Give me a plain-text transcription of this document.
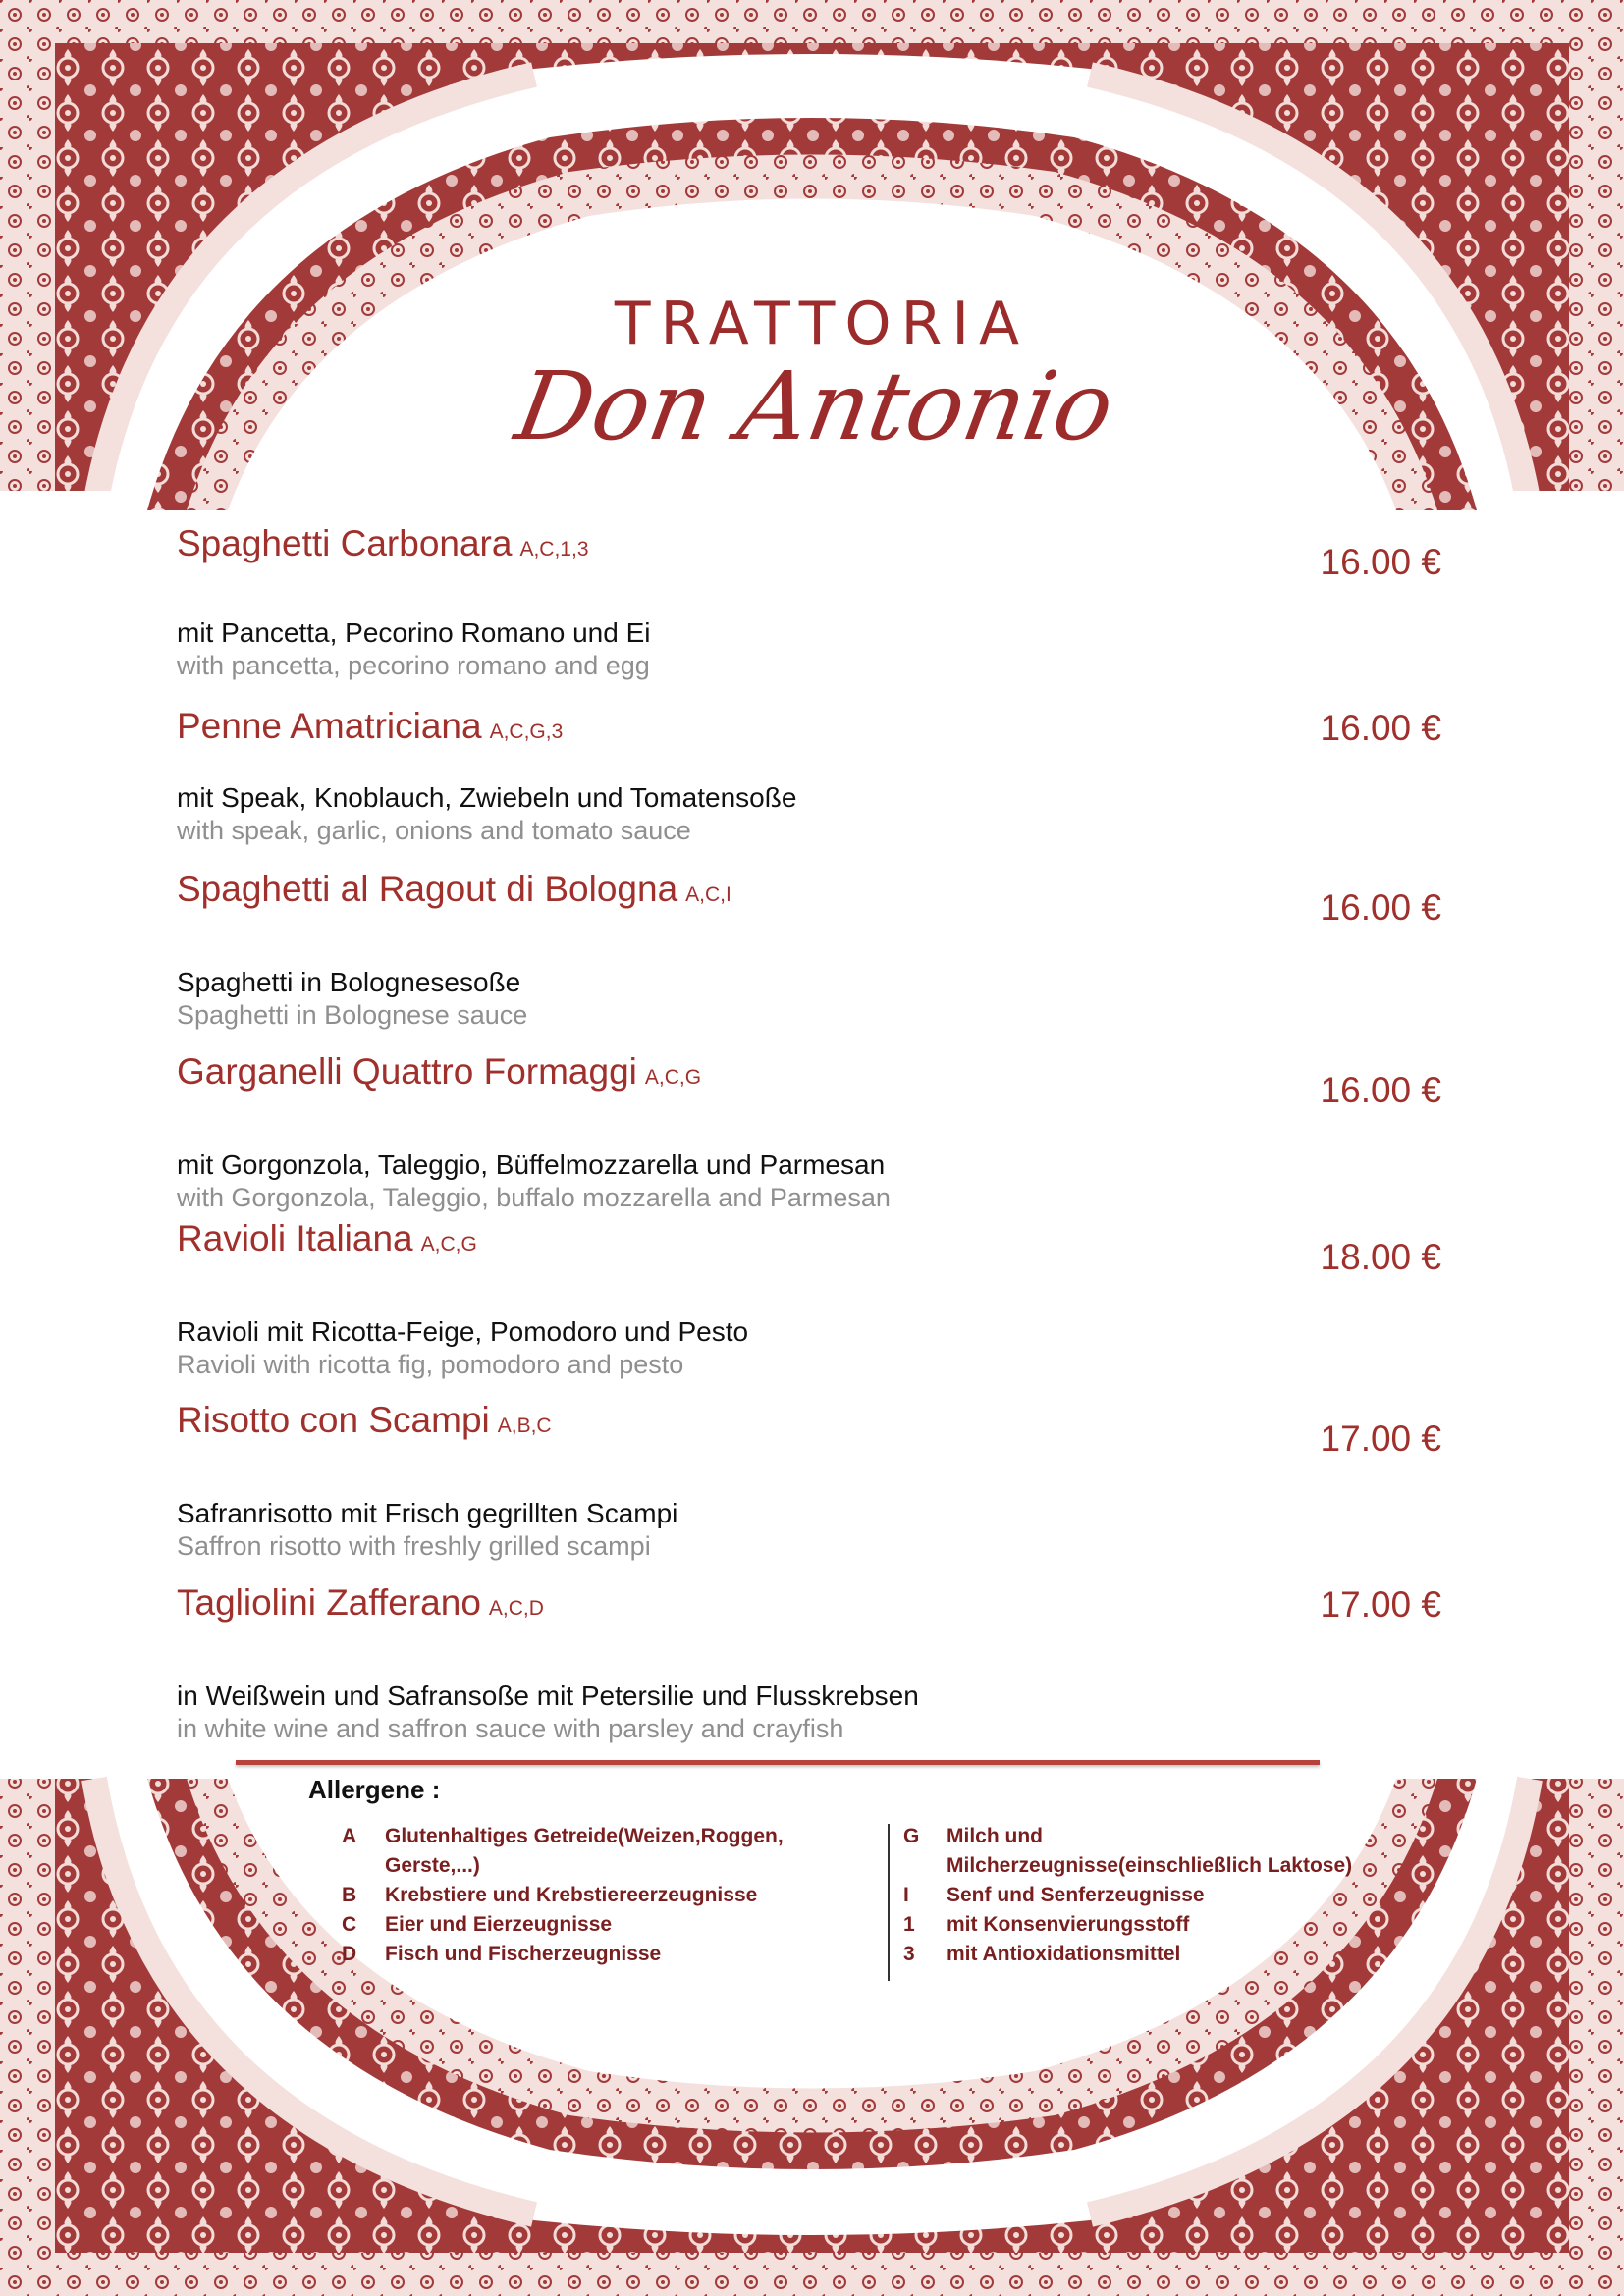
TRATTORIA
Don Antonio
Spaghetti Carbonara A,C,1,3
mit Pancetta, Pecorino Romano und Ei
with pancetta, pecorino romano and egg
16.00 €
Penne Amatriciana A,C,G,3
mit Speak, Knoblauch, Zwiebeln und Tomatensoße
with speak, garlic, onions and tomato sauce
16.00 €
Spaghetti al Ragout di Bologna A,C,I
Spaghetti in Bolognesesoße
Spaghetti in Bolognese sauce
16.00 €
Garganelli Quattro Formaggi A,C,G
mit Gorgonzola, Taleggio, Büffelmozzarella und Parmesan
with Gorgonzola, Taleggio, buffalo mozzarella and Parmesan
16.00 €
Ravioli Italiana A,C,G
Ravioli mit Ricotta-Feige, Pomodoro und Pesto
Ravioli with ricotta fig, pomodoro and pesto
18.00 €
Risotto con Scampi A,B,C
Safranrisotto mit Frisch gegrillten Scampi
Saffron risotto with freshly grilled scampi
17.00 €
Tagliolini Zafferano A,C,D
in Weißwein und Safransoße mit Petersilie und Flusskrebsen
in white wine and saffron sauce with parsley and crayfish
17.00 €
Allergene :
A	Glutenhaltiges Getreide(Weizen,Roggen, Gerste,...)
B	Krebstiere und Krebstiereerzeugnisse
C	Eier und Eierzeugnisse
D	Fisch und Fischerzeugnisse
G	Milch und Milcherzeugnisse(einschließlich Laktose)
I	Senf und Senferzeugnisse
1	mit Konsenvierungsstoff
3	mit Antioxidationsmittel
